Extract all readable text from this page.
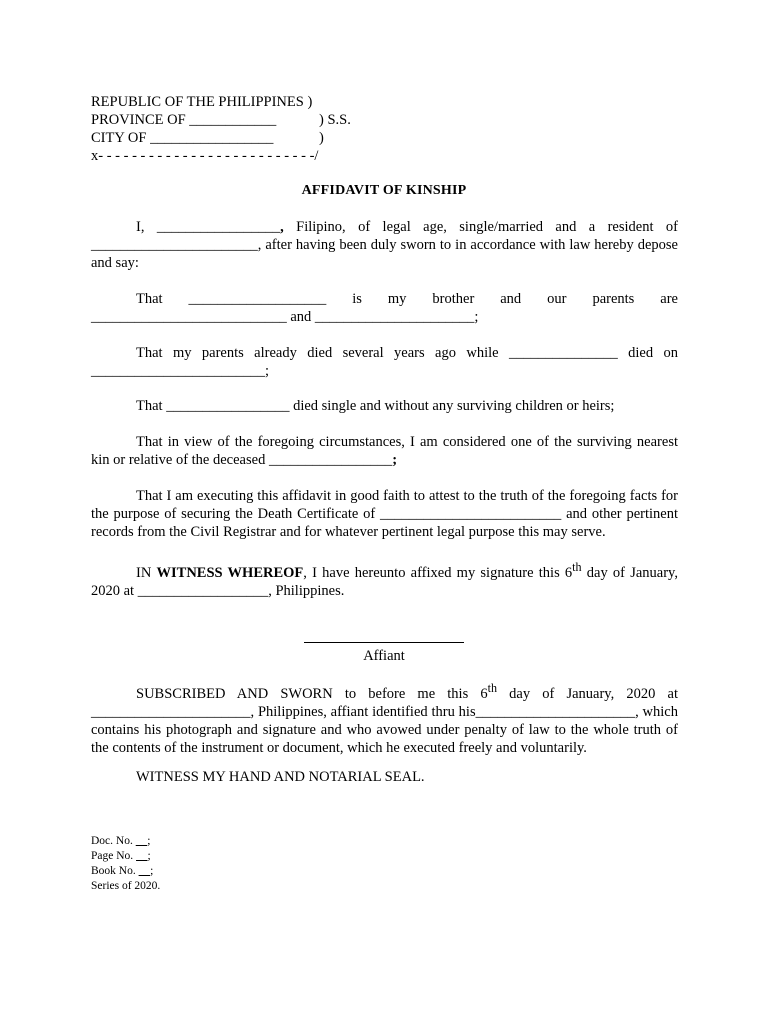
REPUBLIC OF THE PHILIPPINES )
PROVINCE OF ____________	) S.S.
CITY OF _________________	)
x- - - - - - - - - - - - - - - - - - - - - - - - - -/
AFFIDAVIT OF KINSHIP

I, _________________, Filipino, of legal age, single/married and a resident of _______________________, after having been duly sworn to in accordance with law hereby depose and say:

That ___________________ is my brother and our parents are ___________________________ and ______________________;

That my parents already died several years ago while _______________ died on ________________________;

That _________________ died single and without any surviving children or heirs;

That in view of the foregoing circumstances, I am considered one of the surviving nearest kin or relative of the deceased _________________;

That I am executing this affidavit in good faith to attest to the truth of the foregoing facts for the purpose of securing the Death Certificate of _________________________ and other pertinent records from the Civil Registrar and for whatever pertinent legal purpose this may serve.

IN WITNESS WHEREOF, I have hereunto affixed my signature this 6th day of January, 2020 at __________________, Philippines.

Affiant

SUBSCRIBED AND SWORN to before me this 6th day of January, 2020 at ______________________, Philippines, affiant identified thru his______________________, which contains his photograph and signature and who avowed under penalty of law to the whole truth of the contents of the instrument or document, which he executed freely and voluntarily.

WITNESS MY HAND AND NOTARIAL SEAL.

Doc. No.     ;
Page No.     ;
Book No.     ;
Series of 2020.
